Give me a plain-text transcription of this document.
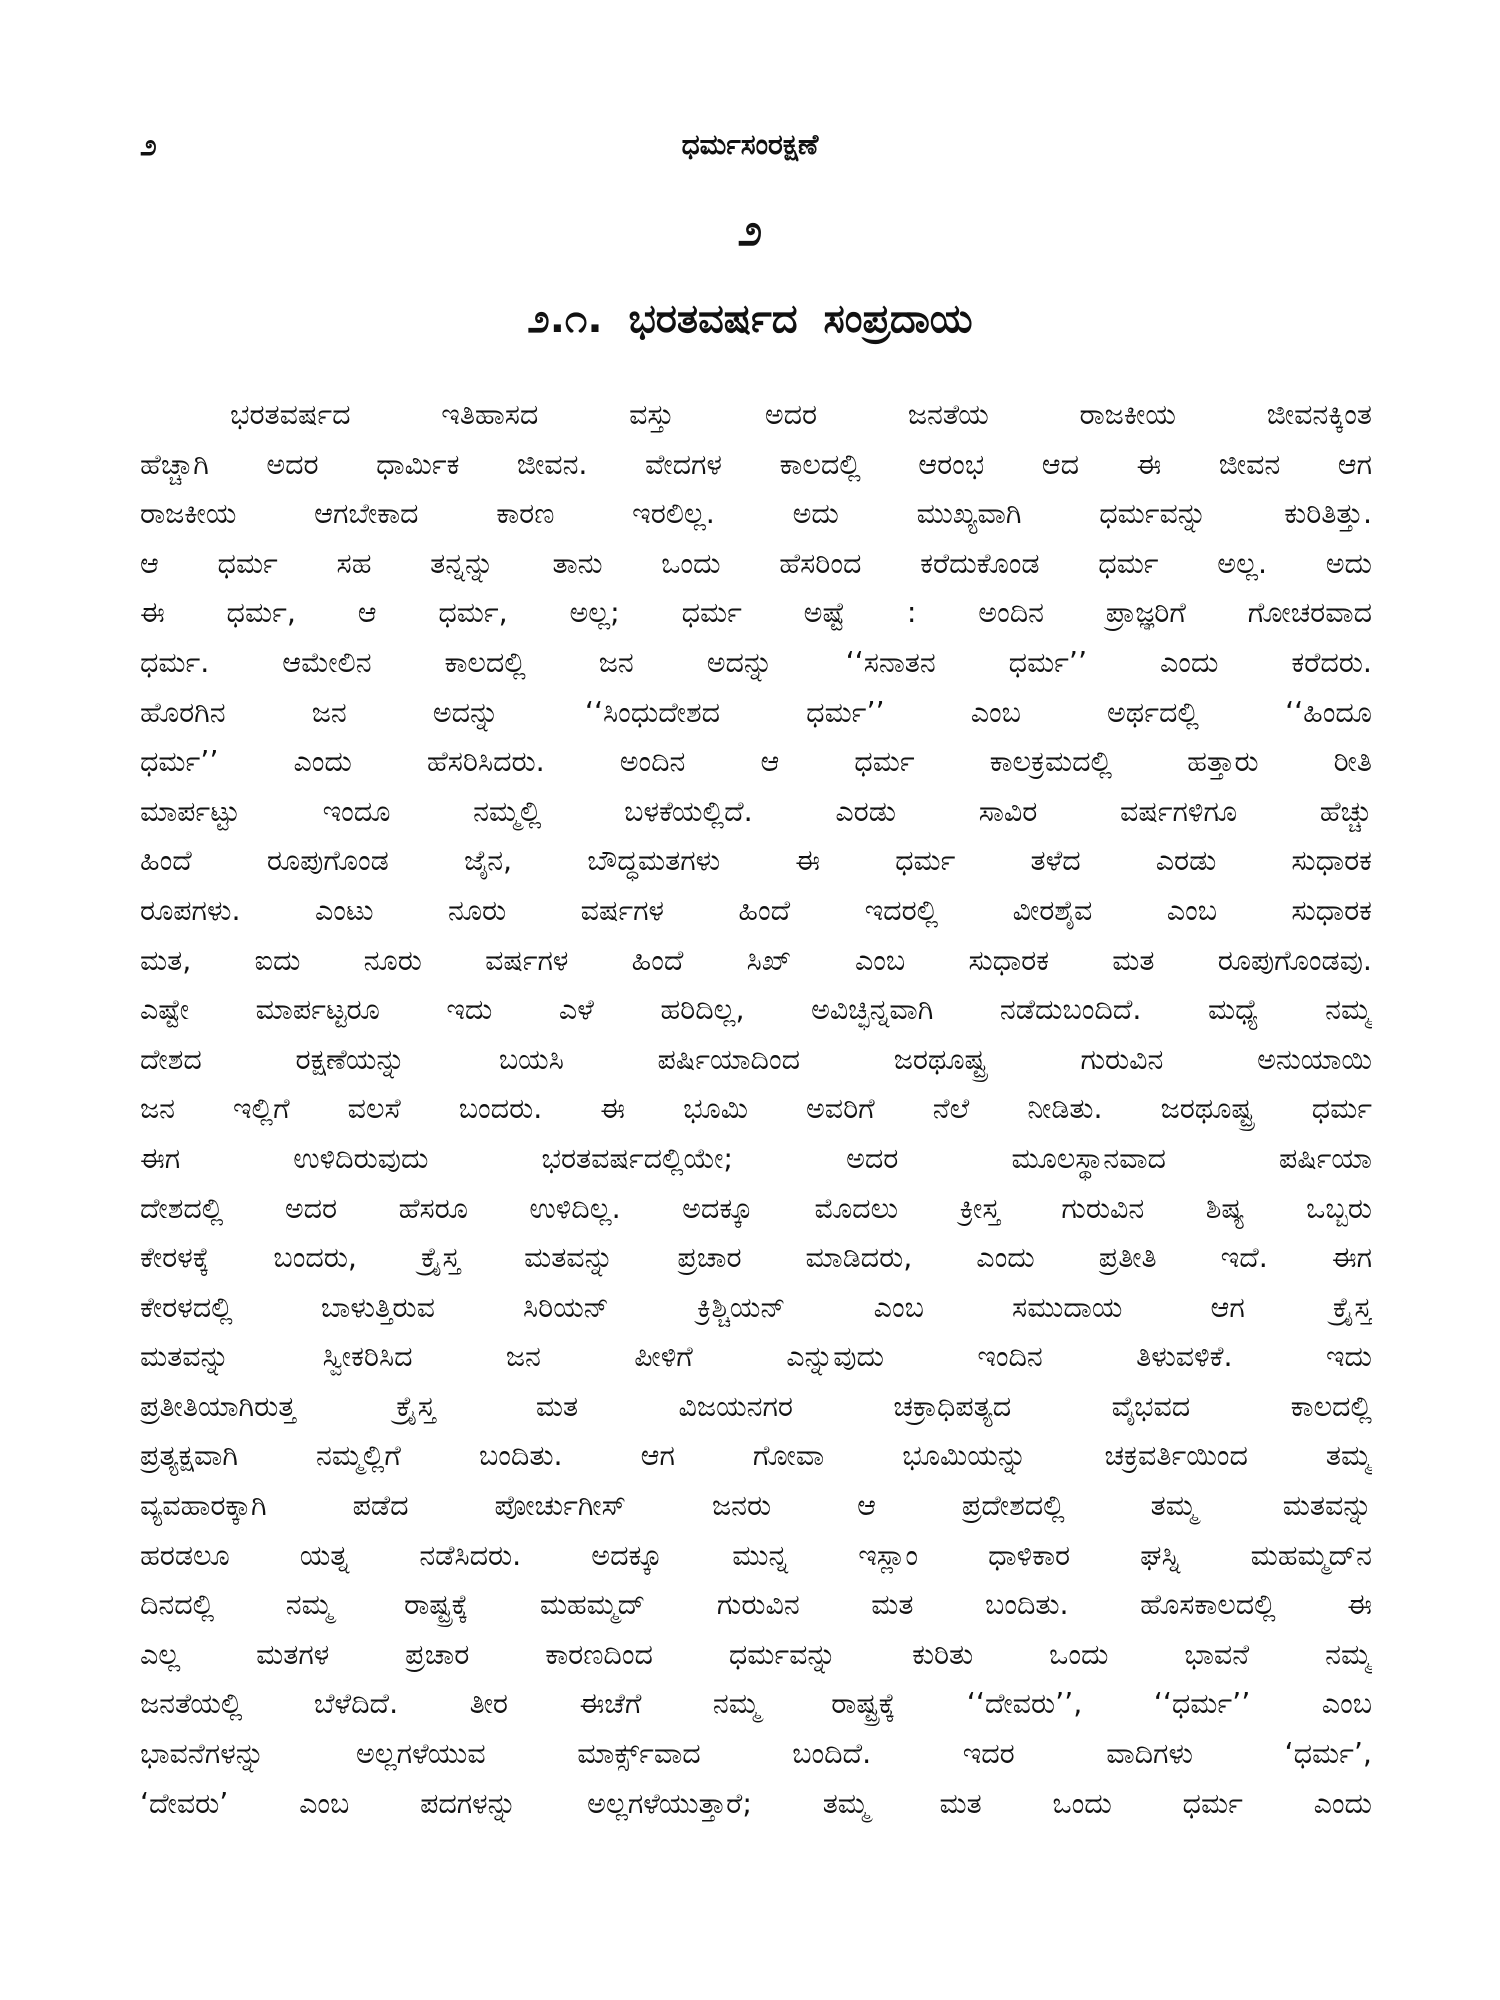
೨	ಧರ್ಮಸಂರಕ್ಷಣೆ
೨
೨.೧. ಭರತವರ್ಷದ ಸಂಪ್ರದಾಯ
ಭರತವರ್ಷದ ಇತಿಹಾಸದ ವಸ್ತು ಅದರ ಜನತೆಯ ರಾಜಕೀಯ ಜೀವನಕ್ಕಿಂತ
ಹೆಚ್ಚಾಗಿ ಅದರ ಧಾರ್ಮಿಕ ಜೀವನ. ವೇದಗಳ ಕಾಲದಲ್ಲಿ ಆರಂಭ ಆದ ಈ ಜೀವನ ಆಗ
ರಾಜಕೀಯ ಆಗಬೇಕಾದ ಕಾರಣ ಇರಲಿಲ್ಲ. ಅದು ಮುಖ್ಯವಾಗಿ ಧರ್ಮವನ್ನು ಕುರಿತಿತ್ತು.
ಆ ಧರ್ಮ ಸಹ ತನ್ನನ್ನು ತಾನು ಒಂದು ಹೆಸರಿಂದ ಕರೆದುಕೊಂಡ ಧರ್ಮ ಅಲ್ಲ. ಅದು
ಈ ಧರ್ಮ, ಆ ಧರ್ಮ, ಅಲ್ಲ; ಧರ್ಮ ಅಷ್ಟೆ : ಅಂದಿನ ಪ್ರಾಜ್ಞರಿಗೆ ಗೋಚರವಾದ
ಧರ್ಮ. ಆಮೇಲಿನ ಕಾಲದಲ್ಲಿ ಜನ ಅದನ್ನು ‘‘ಸನಾತನ ಧರ್ಮ’’ ಎಂದು ಕರೆದರು.
ಹೊರಗಿನ ಜನ ಅದನ್ನು ‘‘ಸಿಂಧುದೇಶದ ಧರ್ಮ’’ ಎಂಬ ಅರ್ಥದಲ್ಲಿ ‘‘ಹಿಂದೂ
ಧರ್ಮ’’ ಎಂದು ಹೆಸರಿಸಿದರು. ಅಂದಿನ ಆ ಧರ್ಮ ಕಾಲಕ್ರಮದಲ್ಲಿ ಹತ್ತಾರು ರೀತಿ
ಮಾರ್ಪಟ್ಟು ಇಂದೂ ನಮ್ಮಲ್ಲಿ ಬಳಕೆಯಲ್ಲಿದೆ. ಎರಡು ಸಾವಿರ ವರ್ಷಗಳಿಗೂ ಹೆಚ್ಚು
ಹಿಂದೆ ರೂಪುಗೊಂಡ ಜೈನ, ಬೌದ್ಧಮತಗಳು ಈ ಧರ್ಮ ತಳೆದ ಎರಡು ಸುಧಾರಕ
ರೂಪಗಳು. ಎಂಟು ನೂರು ವರ್ಷಗಳ ಹಿಂದೆ ಇದರಲ್ಲಿ ವೀರಶೈವ ಎಂಬ ಸುಧಾರಕ
ಮತ, ಐದು ನೂರು ವರ್ಷಗಳ ಹಿಂದೆ ಸಿಖ್ ಎಂಬ ಸುಧಾರಕ ಮತ ರೂಪುಗೊಂಡವು.
ಎಷ್ಟೇ ಮಾರ್ಪಟ್ಟರೂ ಇದು ಎಳೆ ಹರಿದಿಲ್ಲ, ಅವಿಚ್ಛಿನ್ನವಾಗಿ ನಡೆದುಬಂದಿದೆ. ಮಧ್ಯೆ ನಮ್ಮ
ದೇಶದ ರಕ್ಷಣೆಯನ್ನು ಬಯಸಿ ಪರ್ಷಿಯಾದಿಂದ ಜರಥೂಷ್ಟ್ರ ಗುರುವಿನ ಅನುಯಾಯಿ
ಜನ ಇಲ್ಲಿಗೆ ವಲಸೆ ಬಂದರು. ಈ ಭೂಮಿ ಅವರಿಗೆ ನೆಲೆ ನೀಡಿತು. ಜರಥೂಷ್ಟ್ರ ಧರ್ಮ
ಈಗ ಉಳಿದಿರುವುದು ಭರತವರ್ಷದಲ್ಲಿಯೇ; ಅದರ ಮೂಲಸ್ಥಾನವಾದ ಪರ್ಷಿಯಾ
ದೇಶದಲ್ಲಿ ಅದರ ಹೆಸರೂ ಉಳಿದಿಲ್ಲ. ಅದಕ್ಕೂ ಮೊದಲು ಕ್ರೀಸ್ತ ಗುರುವಿನ ಶಿಷ್ಯ ಒಬ್ಬರು
ಕೇರಳಕ್ಕೆ ಬಂದರು, ಕ್ರೈಸ್ತ ಮತವನ್ನು ಪ್ರಚಾರ ಮಾಡಿದರು, ಎಂದು ಪ್ರತೀತಿ ಇದೆ. ಈಗ
ಕೇರಳದಲ್ಲಿ ಬಾಳುತ್ತಿರುವ ಸಿರಿಯನ್ ಕ್ರಿಶ್ಚಿಯನ್ ಎಂಬ ಸಮುದಾಯ ಆಗ ಕ್ರೈಸ್ತ
ಮತವನ್ನು ಸ್ವೀಕರಿಸಿದ ಜನ ಪೀಳಿಗೆ ಎನ್ನುವುದು ಇಂದಿನ ತಿಳುವಳಿಕೆ. ಇದು
ಪ್ರತೀತಿಯಾಗಿರುತ್ತ ಕ್ರೈಸ್ತ ಮತ ವಿಜಯನಗರ ಚಕ್ರಾಧಿಪತ್ಯದ ವೈಭವದ ಕಾಲದಲ್ಲಿ
ಪ್ರತ್ಯಕ್ಷವಾಗಿ ನಮ್ಮಲ್ಲಿಗೆ ಬಂದಿತು. ಆಗ ಗೋವಾ ಭೂಮಿಯನ್ನು ಚಕ್ರವರ್ತಿಯಿಂದ ತಮ್ಮ
ವ್ಯವಹಾರಕ್ಕಾಗಿ ಪಡೆದ ಪೋರ್ಚುಗೀಸ್ ಜನರು ಆ ಪ್ರದೇಶದಲ್ಲಿ ತಮ್ಮ ಮತವನ್ನು
ಹರಡಲೂ ಯತ್ನ ನಡೆಸಿದರು. ಅದಕ್ಕೂ ಮುನ್ನ ಇಸ್ಲಾಂ ಧಾಳಿಕಾರ ಘಸ್ನಿ ಮಹಮ್ಮದ್‌ನ
ದಿನದಲ್ಲಿ ನಮ್ಮ ರಾಷ್ಟ್ರಕ್ಕೆ ಮಹಮ್ಮದ್ ಗುರುವಿನ ಮತ ಬಂದಿತು. ಹೊಸಕಾಲದಲ್ಲಿ ಈ
ಎಲ್ಲ ಮತಗಳ ಪ್ರಚಾರ ಕಾರಣದಿಂದ ಧರ್ಮವನ್ನು ಕುರಿತು ಒಂದು ಭಾವನೆ ನಮ್ಮ
ಜನತೆಯಲ್ಲಿ ಬೆಳೆದಿದೆ. ತೀರ ಈಚೆಗೆ ನಮ್ಮ ರಾಷ್ಟ್ರಕ್ಕೆ ‘‘ದೇವರು’’, ‘‘ಧರ್ಮ’’ ಎಂಬ
ಭಾವನೆಗಳನ್ನು ಅಲ್ಲಗಳೆಯುವ ಮಾರ್ಕ್ಸ್‌ವಾದ ಬಂದಿದೆ. ಇದರ ವಾದಿಗಳು ‘ಧರ್ಮ’,
‘ದೇವರು’ ಎಂಬ ಪದಗಳನ್ನು ಅಲ್ಲಗಳೆಯುತ್ತಾರೆ; ತಮ್ಮ ಮತ ಒಂದು ಧರ್ಮ ಎಂದು
